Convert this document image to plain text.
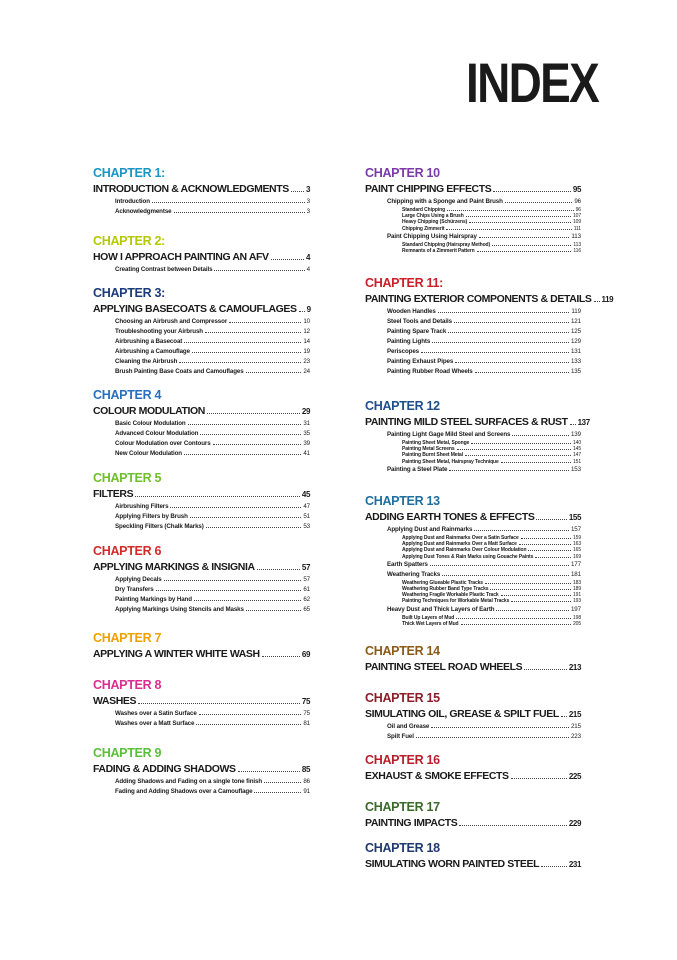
INDEX
CHAPTER 1:
INTRODUCTION & ACKNOWLEDGMENTS 3
Introduction	3
Acknowledgmentse	3
CHAPTER 2:
HOW I APPROACH PAINTING AN AFV	4
Creating Contrast between Details	4
CHAPTER 3:
APPLYING BASECOATS & CAMOUFLAGES 9
Choosing an Airbrush and Compressor	10
Troubleshooting your Airbrush	12
Airbrushing a Basecoat	14
Airbrushing a Camouflage	19
Cleaning the Airbrush	23
Brush Painting Base Coats and Camouflages	24
CHAPTER 4
COLOUR MODULATION	29
Basic Colour Modulation	31
Advanced Colour Modulation	35
Colour Modulation over Contours	39
New Colour Modulation	41
CHAPTER 5
FILTERS	45
Airbrushing Filters	47
Applying Filters by Brush	51
Speckling Filters (Chalk Marks)	53
CHAPTER 6
APPLYING MARKINGS & INSIGNIA	57
Applying Decals	57
Dry Transfers	61
Painting Markings by Hand	62
Applying Markings Using Stencils and Masks	65
CHAPTER 7
APPLYING A WINTER WHITE WASH	69
CHAPTER 8
WASHES	75
Washes over a Satin Surface	75
Washes over a Matt Surface	81
CHAPTER 9
FADING & ADDING SHADOWS	85
Adding Shadows and Fading on a single tone finish	86
Fading and Adding Shadows over a Camouflage	91
CHAPTER 10
PAINT CHIPPING EFFECTS	95
Chipping with a Sponge and Paint Brush	96
Standard Chipping	96
Large Chips Using a Brush	107
Heavy Chipping (Schürzens)	109
Chipping Zimmerit	111
Paint Chipping Using Hairspray	113
Standard Chipping (Hairspray Method)	113
Remnants of a Zimmerit Pattern	116
CHAPTER 11:
PAINTING EXTERIOR COMPONENTS & DETAILS 119
Wooden Handles	119
Steel Tools and Details	121
Painting Spare Track	125
Painting Lights	129
Periscopes	131
Painting Exhaust Pipes	133
Painting Rubber Road Wheels	135
CHAPTER 12
PAINTING MILD STEEL SURFACES & RUST 137
Painting Light Gage Mild Steel and Screens	139
Painting Sheet Metal, Sponge	140
Painting Metal Screens	145
Painting Burnt Sheet Metal	147
Painting Sheet Metal, Hairspray Technique	151
Painting a Steel Plate	153
CHAPTER 13
ADDING EARTH TONES & EFFECTS	155
Applying Dust and Rainmarks	157
Applying Dust and Rainmarks Over a Satin Surface	159
Applying Dust and Rainmarks Over a Matt Surface	163
Applying Dust and Rainmarks Over Colour Modulation	165
Applying Dust Tones & Rain Marks using Gouache Paints	169
Earth Spatters	177
Weathering Tracks	181
Weathering Glueable Plastic Tracks	183
Weathering Rubber Band Type Tracks	189
Weathering Fragile Workable Plastic Track	191
Painting Techniques for Workable Metal Tracks	193
Heavy Dust and Thick Layers of Earth	197
Built Up Layers of Mud	198
Thick Wet Layers of Mud	205
CHAPTER 14
PAINTING STEEL ROAD WHEELS	213
CHAPTER 15
SIMULATING OIL, GREASE & SPILT FUEL 215
Oil and Grease	215
Spilt Fuel	223
CHAPTER 16
EXHAUST & SMOKE EFFECTS	225
CHAPTER 17
PAINTING IMPACTS	229
CHAPTER 18
SIMULATING WORN PAINTED STEEL	231
